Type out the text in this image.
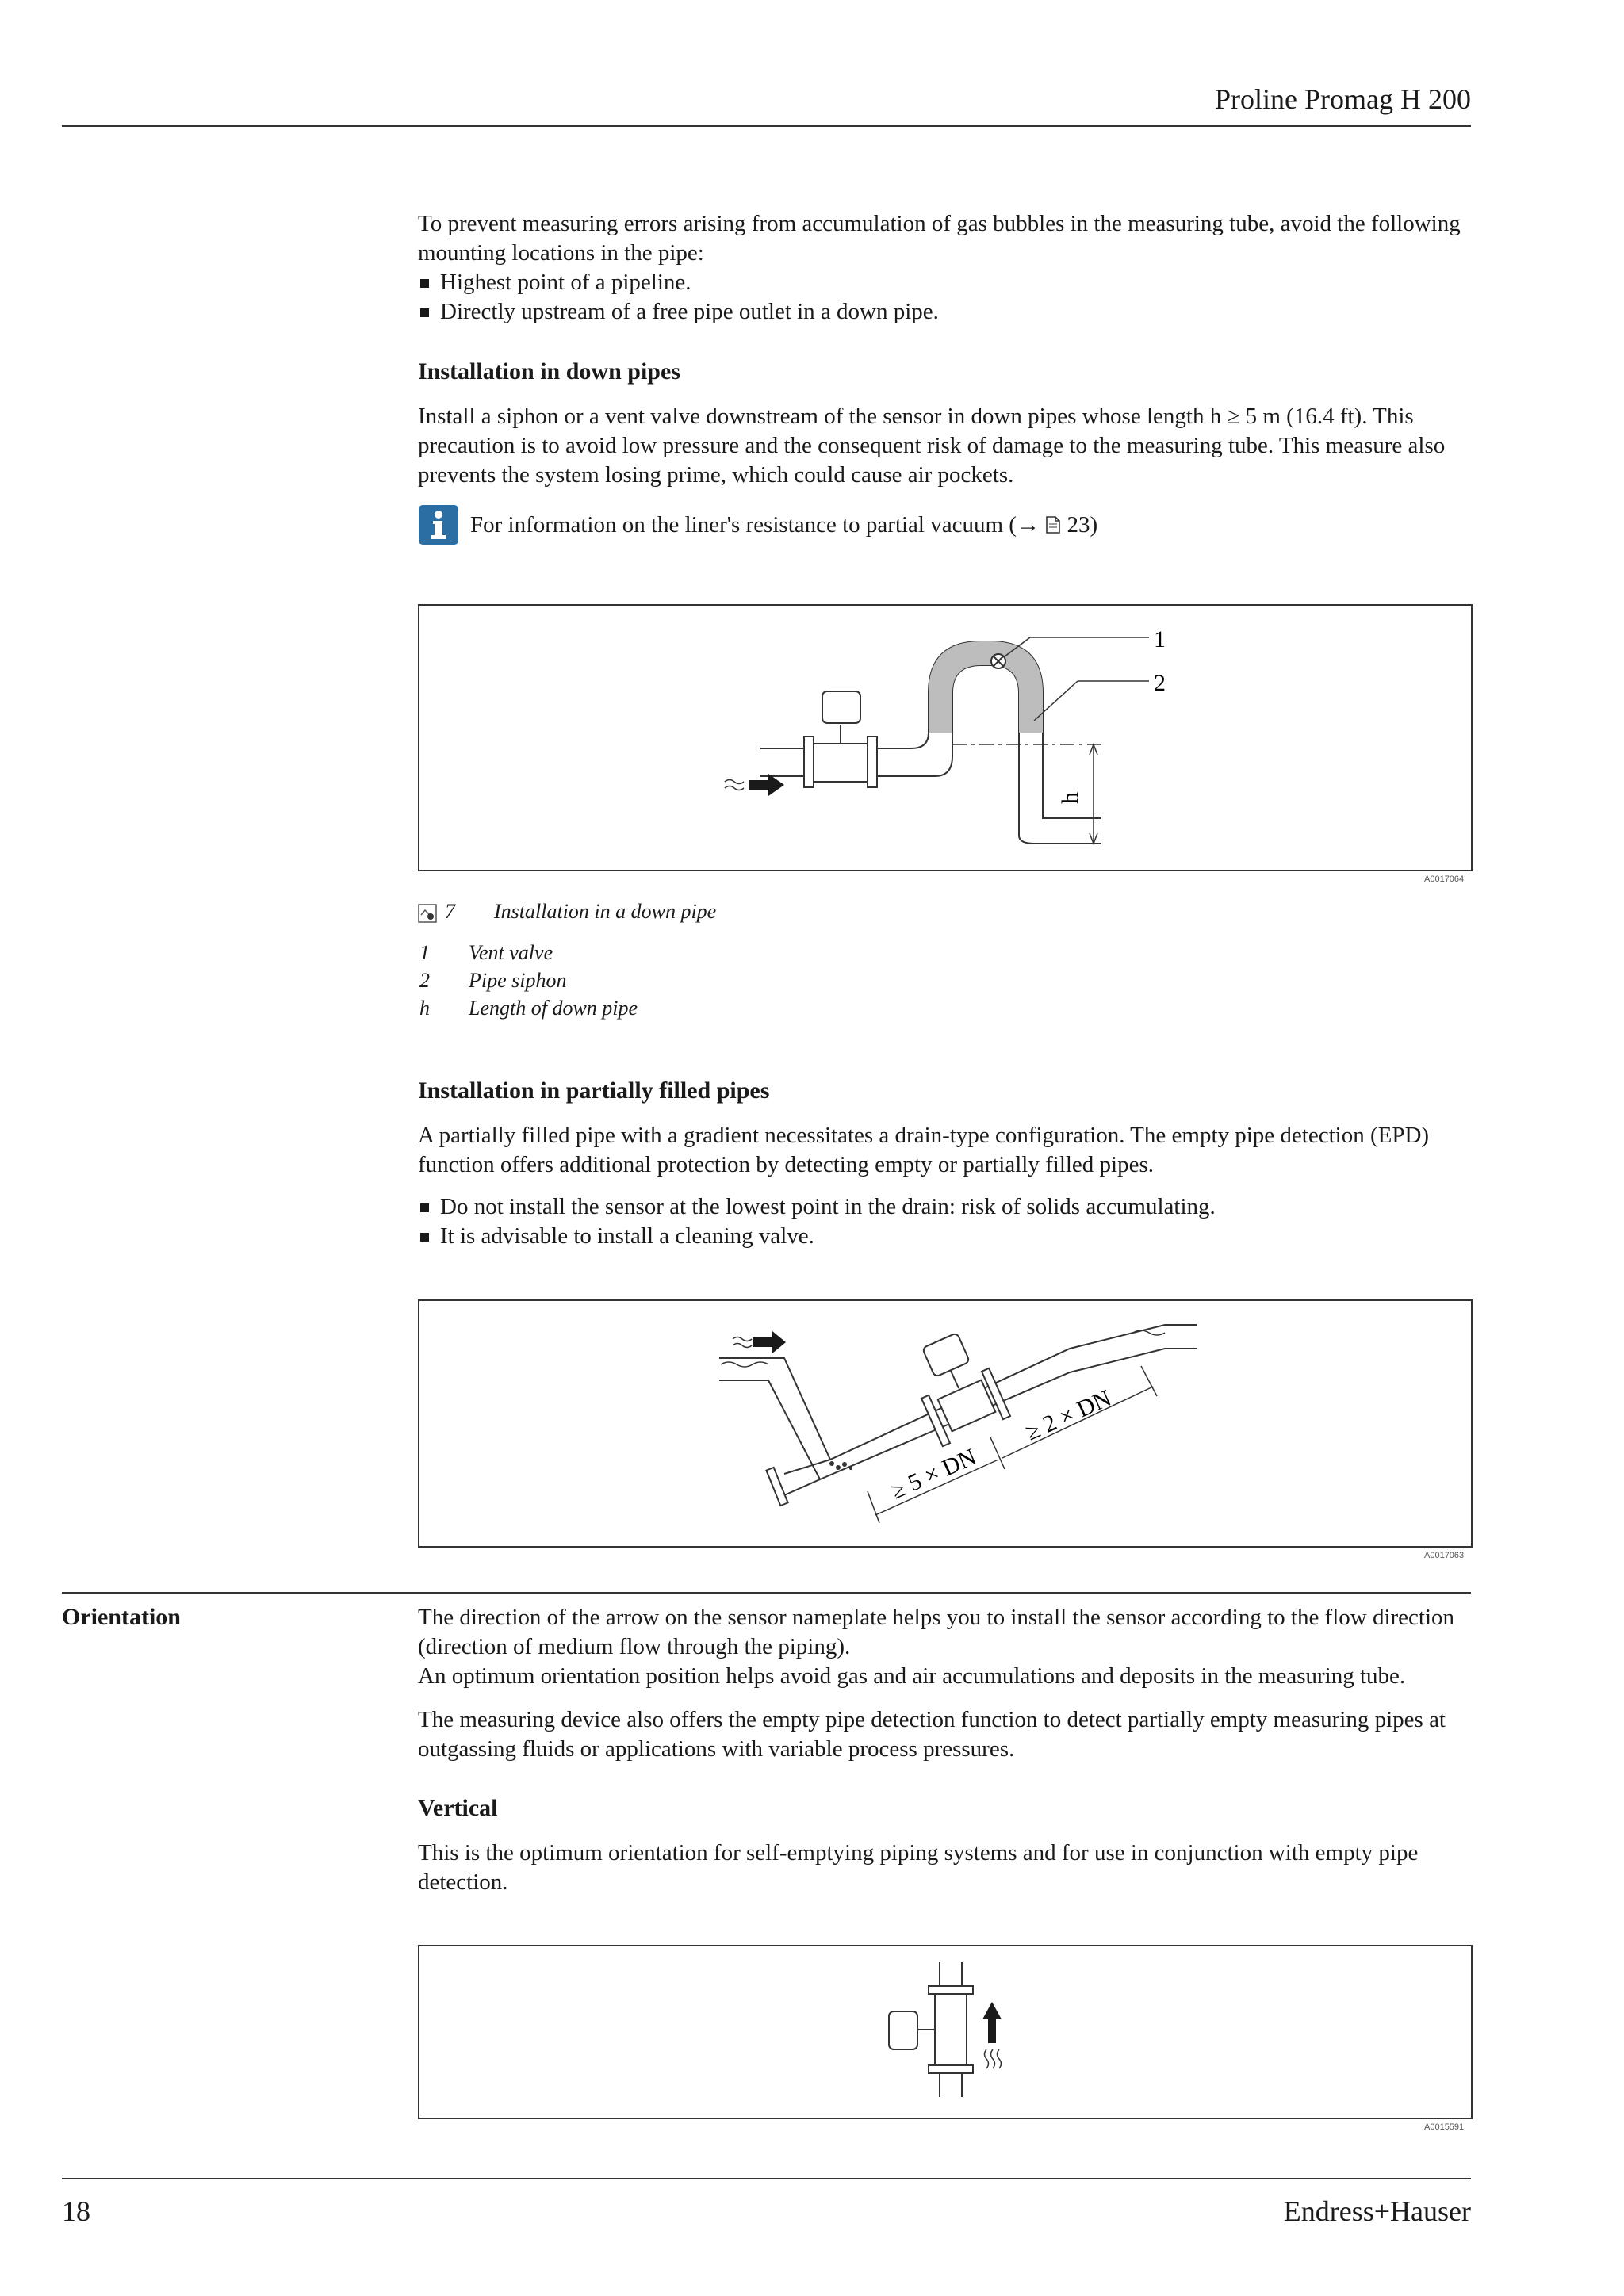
Proline Promag H 200

To prevent measuring errors arising from accumulation of gas bubbles in the measuring tube, avoid the following mounting locations in the pipe:

Highest point of a pipeline.
Directly upstream of a free pipe outlet in a down pipe.
Installation in down pipes
Install a siphon or a vent valve downstream of the sensor in down pipes whose length h ≥ 5 m (16.4 ft). This precaution is to avoid low pressure and the consequent risk of damage to the measuring tube. This measure also prevents the system losing prime, which could cause air pockets.
For information on the liner's resistance to partial vacuum (→  23)
1
2
h
A0017064
7	Installation in a down pipe
1	Vent valve
2	Pipe siphon
h	Length of down pipe
Installation in partially filled pipes

A partially filled pipe with a gradient necessitates a drain-type configuration. The empty pipe detection (EPD) function offers additional protection by detecting empty or partially filled pipes.

Do not install the sensor at the lowest point in the drain: risk of solids accumulating.
It is advisable to install a cleaning valve.
≥ 5 × DN
≥ 2 × DN
A0017063
Orientation	The direction of the arrow on the sensor nameplate helps you to install the sensor according to the flow direction (direction of medium flow through the piping).

An optimum orientation position helps avoid gas and air accumulations and deposits in the measuring tube.

The measuring device also offers the empty pipe detection function to detect partially empty measuring pipes at outgassing fluids or applications with variable process pressures.

Vertical
This is the optimum orientation for self-emptying piping systems and for use in conjunction with empty pipe detection.
A0015591
18	Endress+Hauser
